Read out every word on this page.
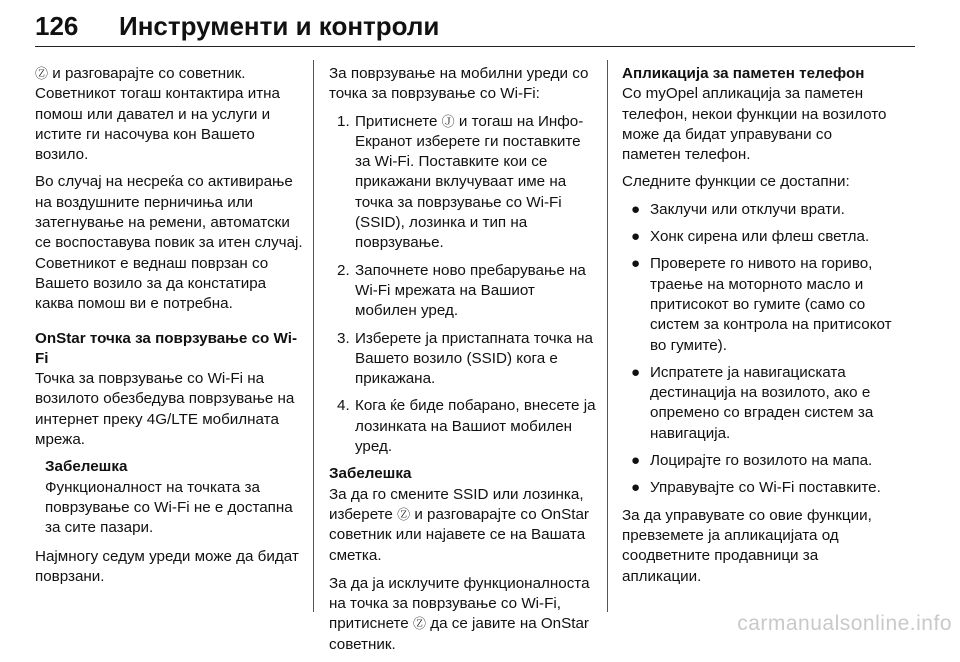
126 Инструменти и контроли

Ⓩ и разговарајте со советник. Советникот тогаш контактира итна помош или давател и на услуги и истите ги насочува кон Вашето возило.

Во случај на несреќа со активирање на воздушните перничиња или затегнување на ремени, автоматски се воспоставува повик за итен случај. Советникот е веднаш поврзан со Вашето возило за да констатира каква помош ви е потребна.

OnStar точка за поврзување со Wi-Fi

Точка за поврзување со Wi-Fi на возилото обезбедува поврзување на интернет преку 4G/LTE мобилната мрежа.

Забелешка
Функционалност на точката за поврзување со Wi-Fi не е достапна за сите пазари.

Најмногу седум уреди може да бидат поврзани.

За поврзување на мобилни уреди со точка за поврзување со Wi-Fi:

1. Притиснете Ⓙ и тогаш на Инфо-Екранот изберете ги поставките за Wi-Fi. Поставките кои се прикажани вклучуваат име на точка за поврзување со Wi-Fi (SSID), лозинка и тип на поврзување.
2. Започнете ново пребарување на Wi-Fi мрежата на Вашиот мобилен уред.
3. Изберете ја пристапната точка на Вашето возило (SSID) кога е прикажана.
4. Кога ќе биде побарано, внесете ја лозинката на Вашиот мобилен уред.
Забелешка
За да го смените SSID или лозинка, изберете Ⓩ и разговарајте со OnStar советник или најавете се на Вашата сметка.

За да ја исклучите функционалноста на точка за поврзување со Wi-Fi, притиснете Ⓩ да се јавите на OnStar советник.

Апликација за паметен телефон

Со myOpel апликација за паметен телефон, некои функции на возилото може да бидат управувани со паметен телефон.

Следните функции се достапни:

● Заклучи или отклучи врати.
● Хонк сирена или флеш светла.
● Проверете го нивото на гориво, траење на моторното масло и притисокот во гумите (само со систем за контрола на притисокот во гумите).
● Испратете ја навигациската дестинација на возилото, ако е опремено со вграден систем за навигација.
● Лоцирајте го возилото на мапа.
● Управувајте со Wi-Fi поставките.

За да управувате со овие функции, превземете ја апликацијата од соодветните продавници за апликации.

carmanualsonline.info
